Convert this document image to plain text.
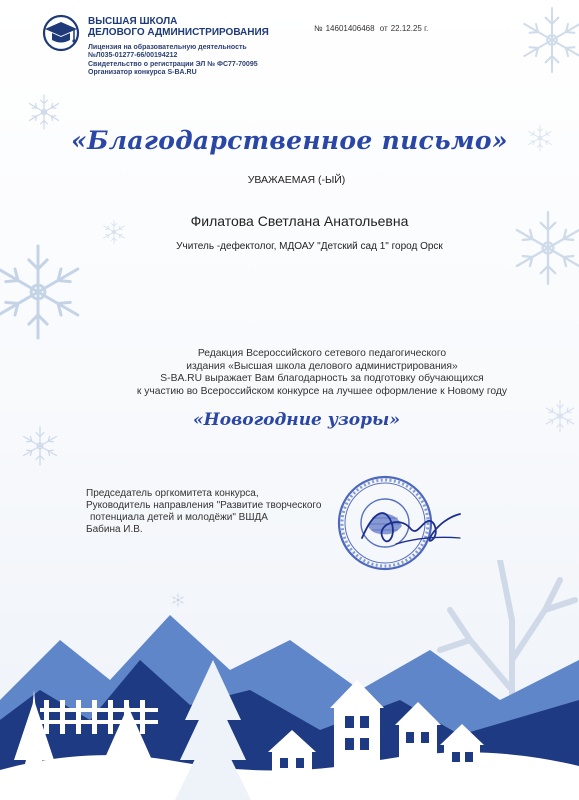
ВЫСШАЯ ШКОЛА
ДЕЛОВОГО АДМИНИСТРИРОВАНИЯ
Лицензия на образовательную деятельность
№Л035-01277-66/00194212
Свидетельство о регистрации ЭЛ № ФС77-70095
Организатор конкурса S-BA.RU
№ 14601406468 от 22.12.25 г.
«Благодарственное письмо»
УВАЖАЕМАЯ (-ЫЙ)
Филатова Светлана Анатольевна
Учитель -дефектолог, МДОАУ "Детский сад 1" город Орск
Редакция Всероссийского сетевого педагогического
издания «Высшая школа делового администрирования»
S-BA.RU выражает Вам благодарность за подготовку обучающихся
к участию во Всероссийском конкурсе на лучшее оформление к Новому году
«Новогодние узоры»
Председатель оргкомитета конкурса,
Руководитель направления "Развитие творческого
потенциала детей и молодёжи" ВШДА
Бабина И.В.
